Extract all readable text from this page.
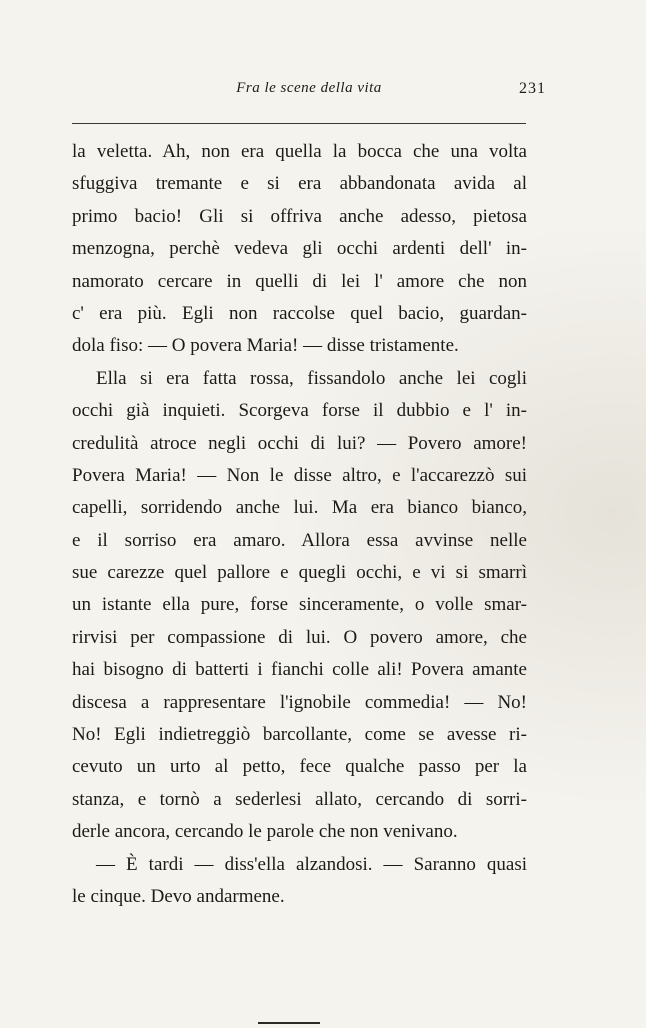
Fra le scene della vita	231
la veletta. Ah, non era quella la bocca che una volta
sfuggiva tremante e si era abbandonata avida al
primo bacio! Gli si offriva anche adesso, pietosa
menzogna, perchè vedeva gli occhi ardenti dell' in-
namorato cercare in quelli di lei l' amore che non
c' era più. Egli non raccolse quel bacio, guardan-
dola fiso: — O povera Maria! — disse tristamente.
Ella si era fatta rossa, fissandolo anche lei cogli
occhi già inquieti. Scorgeva forse il dubbio e l' in-
credulità atroce negli occhi di lui? — Povero amore!
Povera Maria! — Non le disse altro, e l'accarezzò sui
capelli, sorridendo anche lui. Ma era bianco bianco,
e il sorriso era amaro. Allora essa avvinse nelle
sue carezze quel pallore e quegli occhi, e vi si smarrì
un istante ella pure, forse sinceramente, o volle smar-
rirvisi per compassione di lui. O povero amore, che
hai bisogno di batterti i fianchi colle ali! Povera amante
discesa a rappresentare l'ignobile commedia! — No!
No! Egli indietreggiò barcollante, come se avesse ri-
cevuto un urto al petto, fece qualche passo per la
stanza, e tornò a sederlesi allato, cercando di sorri-
derle ancora, cercando le parole che non venivano.
— È tardi — diss'ella alzandosi. — Saranno quasi
le cinque. Devo andarmene.
